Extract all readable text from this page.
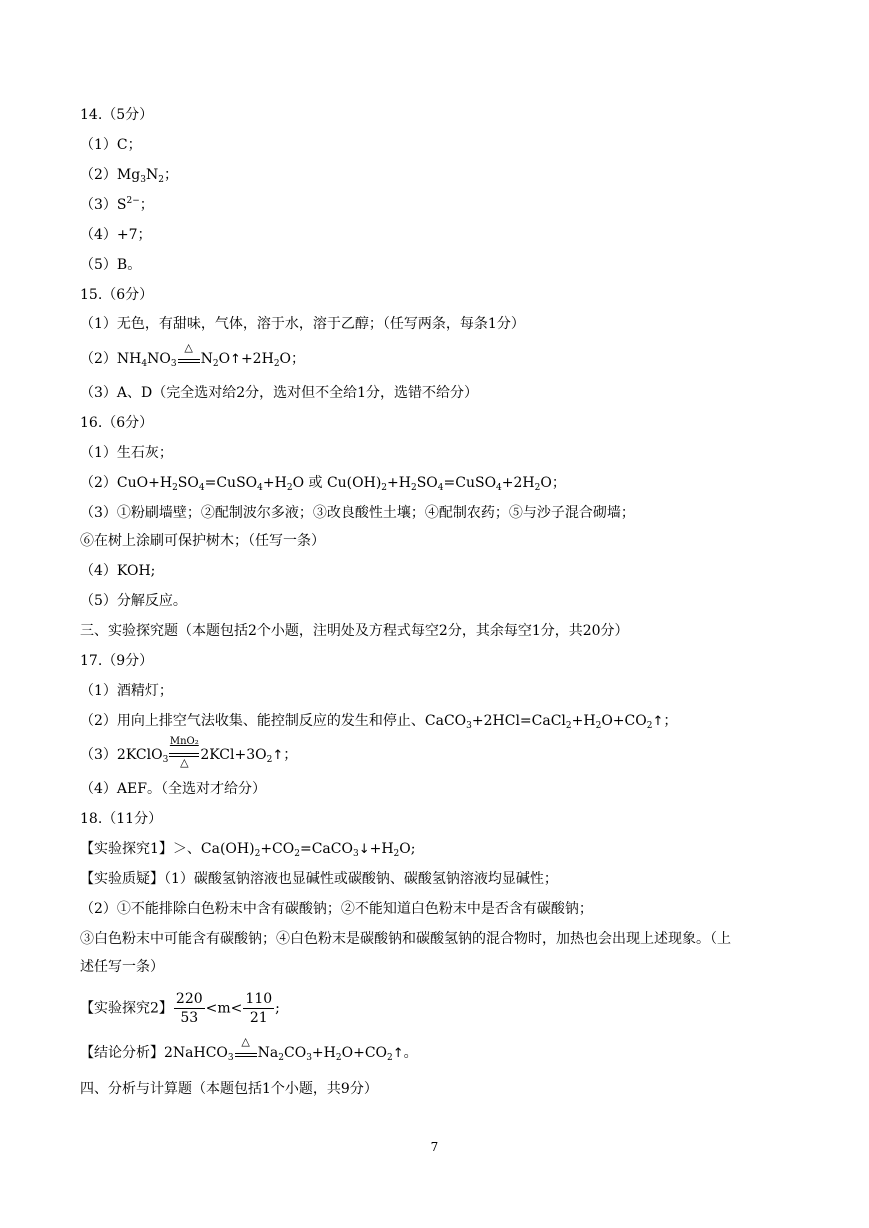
14.（5分）
（1）C；
$(2)Mg_3N_2$；
$(3)S^{2-}$；
（4）+7；
（5）B。
15.（6分）
（1）无色，有甜味，气体，溶于水，溶于乙醇；（任写两条，每条1分）
$(2)NH_4NO_3$
△
$N_2O↑+2H_2O$；
（3）A、D（完全选对给2分，选对但不全给1分，选错不给分）
16.（6分）
（1）生石灰；
$(2)CuO+H_2SO_4=CuSO_4+H_2O$ 或 $Cu(OH)_2+H_2SO_4=CuSO_4+2H_2O$；
（3）①粉刷墙壁；②配制波尔多液；③改良酸性土壤；④配制农药；⑤与沙子混合砌墙；
⑥在树上涂刷可保护树木；（任写一条）
（4）KOH;
（5）分解反应。
三、实验探究题（本题包括2个小题，注明处及方程式每空2分，其余每空1分，共20分）
17.（9分）
（1）酒精灯；
（2）用向上排空气法收集、能控制反应的发生和停止、$CaCO_3+2HCl=CaCl_2+H_2O+CO_2↑$；
（3）2KClO$_3$
MnO₂
△ $2KCl+3O_2↑$；
（4）AEF。（全选对才给分）
18.（11分）
【实验探究1】＞、$Ca(OH)_2+CO_2=CaCO_3↓+H_2O$;
【实验质疑】（1）碳酸氢钠溶液也显碱性或碳酸钠、碳酸氢钠溶液均显碱性；
（2）①不能排除白色粉末中含有碳酸钠；②不能知道白色粉末中是否含有碳酸钠；
③白色粉末中可能含有碳酸钠；④白色粉末是碳酸钠和碳酸氢钠的混合物时，加热也会出现上述现象。（上
述任写一条）
【实验探究2】 $\frac{220}{53} <m< \frac{110}{21}$ ;
【结论分析】2NaHCO$_3$
△
$Na_2CO_3+H_2O+CO_2↑$。
四、分析与计算题（本题包括1个小题，共9分）
7
